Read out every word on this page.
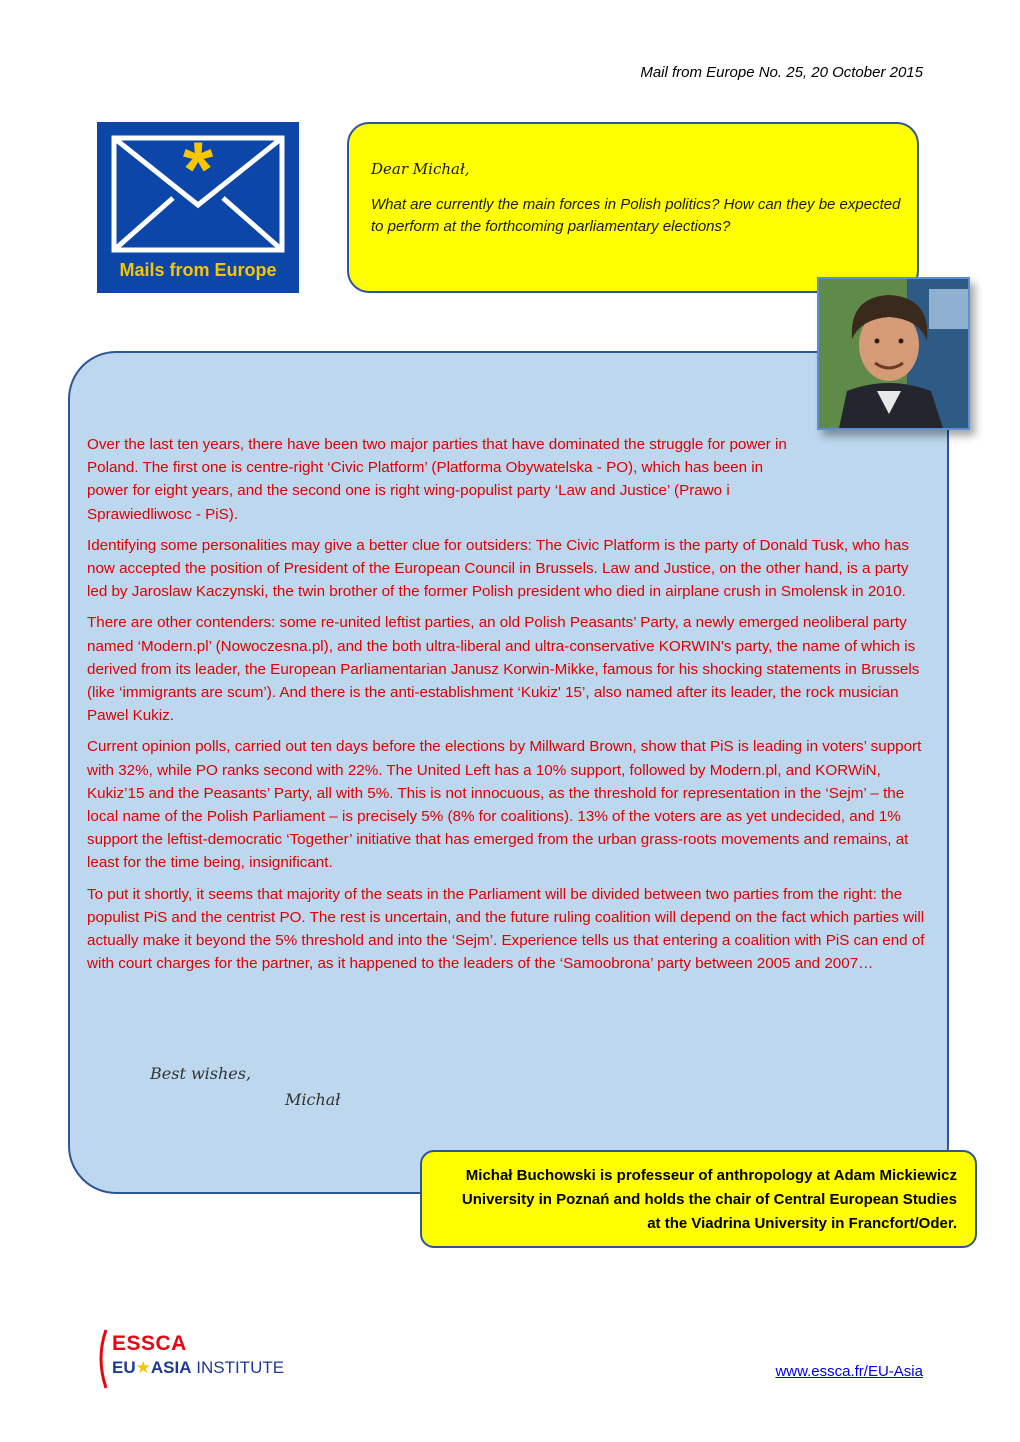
Mail from Europe No. 25, 20 October 2015
*
Mails from Europe
Dear Michał,
What are currently the main forces in Polish politics? How can they be expected to perform at the forthcoming parliamentary elections?

Over the last ten years, there have been two major parties that have dominated the struggle for power in Poland. The first one is centre-right ‘Civic Platform’ (Platforma Obywatelska - PO), which has been in power for eight years, and the second one is right wing-populist party ‘Law and Justice’ (Prawo i Sprawiedliwosc - PiS).

Identifying some personalities may give a better clue for outsiders: The Civic Platform is the party of Donald Tusk, who has now accepted the position of President of the European Council in Brussels. Law and Justice, on the other hand, is a party led by Jaroslaw Kaczynski, the twin brother of the former Polish president who died in airplane crush in Smolensk in 2010.

There are other contenders: some re-united leftist parties, an old Polish Peasants’ Party, a newly emerged neoliberal party named ‘Modern.pl’ (Nowoczesna.pl), and the both ultra-liberal and ultra-conservative KORWIN's party, the name of which is derived from its leader, the European Parliamentarian Janusz Korwin-Mikke, famous for his shocking statements in Brussels (like ‘immigrants are scum’). And there is the anti-establishment ‘Kukiz' 15’, also named after its leader, the rock musician Pawel Kukiz.

Current opinion polls, carried out ten days before the elections by Millward Brown, show that PiS is leading in voters’ support with 32%, while PO ranks second with 22%. The United Left has a 10% support, followed by Modern.pl, and KORWiN, Kukiz’15 and the Peasants’ Party, all with 5%. This is not innocuous, as the threshold for representation in the ‘Sejm’ – the local name of the Polish Parliament – is precisely 5% (8% for coalitions). 13% of the voters are as yet undecided, and 1% support the leftist-democratic ‘Together’ initiative that has emerged from the urban grass-roots movements and remains, at least for the time being, insignificant.

To put it shortly, it seems that majority of the seats in the Parliament will be divided between two parties from the right: the populist PiS and the centrist PO. The rest is uncertain, and the future ruling coalition will depend on the fact which parties will actually make it beyond the 5% threshold and into the ‘Sejm’. Experience tells us that entering a coalition with PiS can end of with court charges for the partner, as it happened to the leaders of the ‘Samoobrona’ party between 2005 and 2007…

Best wishes,
Michał
Michał Buchowski is professeur of anthropology at Adam Mickiewicz University in Poznań and holds the chair of Central European Studies at the Viadrina University in Francfort/Oder.
ESSCA
EU★ASIA INSTITUTE	www.essca.fr/EU-Asia
